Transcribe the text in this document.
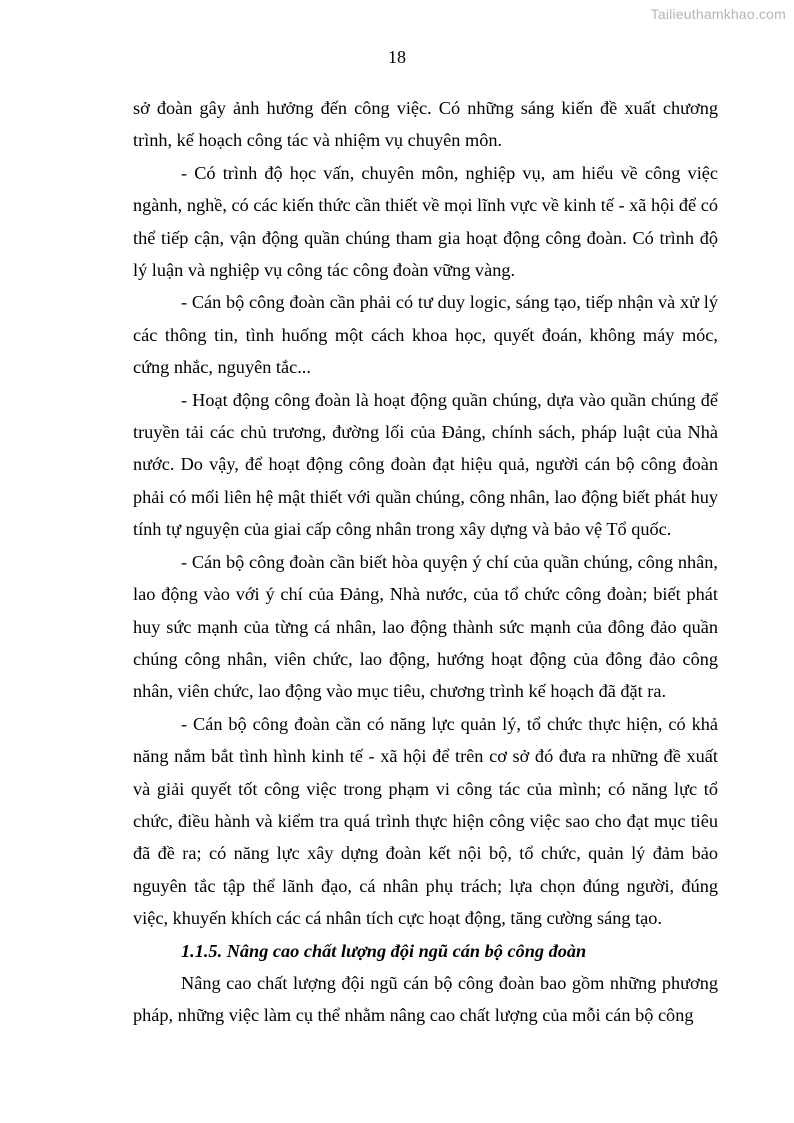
Tailieuthamkhao.com
18

sở đoàn gây ảnh hưởng đến công việc. Có những sáng kiến đề xuất chương trình, kế hoạch công tác và nhiệm vụ chuyên môn.

- Có trình độ học vấn, chuyên môn, nghiệp vụ, am hiểu về công việc ngành, nghề, có các kiến thức cần thiết về mọi lĩnh vực về kinh tế - xã hội để có thể tiếp cận, vận động quần chúng tham gia hoạt động công đoàn. Có trình độ lý luận và nghiệp vụ công tác công đoàn vững vàng.

- Cán bộ công đoàn cần phải có tư duy logic, sáng tạo, tiếp nhận và xử lý các thông tin, tình huống một cách khoa học, quyết đoán, không máy móc, cứng nhắc, nguyên tắc...

- Hoạt động công đoàn là hoạt động quần chúng, dựa vào quần chúng để truyền tải các chủ trương, đường lối của Đảng, chính sách, pháp luật của Nhà nước. Do vậy, để hoạt động công đoàn đạt hiệu quả, người cán bộ công đoàn phải có mối liên hệ mật thiết với quần chúng, công nhân, lao động biết phát huy tính tự nguyện của giai cấp công nhân trong xây dựng và bảo vệ Tổ quốc.

- Cán bộ công đoàn cần biết hòa quyện ý chí của quần chúng, công nhân, lao động vào với ý chí của Đảng, Nhà nước, của tổ chức công đoàn; biết phát huy sức mạnh của từng cá nhân, lao động thành sức mạnh của đông đảo quần chúng công nhân, viên chức, lao động, hướng hoạt động của đông đảo công nhân, viên chức, lao động vào mục tiêu, chương trình kế hoạch đã đặt ra.

- Cán bộ công đoàn cần có năng lực quản lý, tổ chức thực hiện, có khả năng nắm bắt tình hình kinh tế - xã hội để trên cơ sở đó đưa ra những đề xuất và giải quyết tốt công việc trong phạm vi công tác của mình; có năng lực tổ chức, điều hành và kiểm tra quá trình thực hiện công việc sao cho đạt mục tiêu đã đề ra; có năng lực xây dựng đoàn kết nội bộ, tổ chức, quản lý đảm bảo nguyên tắc tập thể lãnh đạo, cá nhân phụ trách; lựa chọn đúng người, đúng việc, khuyến khích các cá nhân tích cực hoạt động, tăng cường sáng tạo.

1.1.5. Nâng cao chất lượng đội ngũ cán bộ công đoàn

Nâng cao chất lượng đội ngũ cán bộ công đoàn bao gồm những phương pháp, những việc làm cụ thể nhằm nâng cao chất lượng của mỗi cán bộ công
